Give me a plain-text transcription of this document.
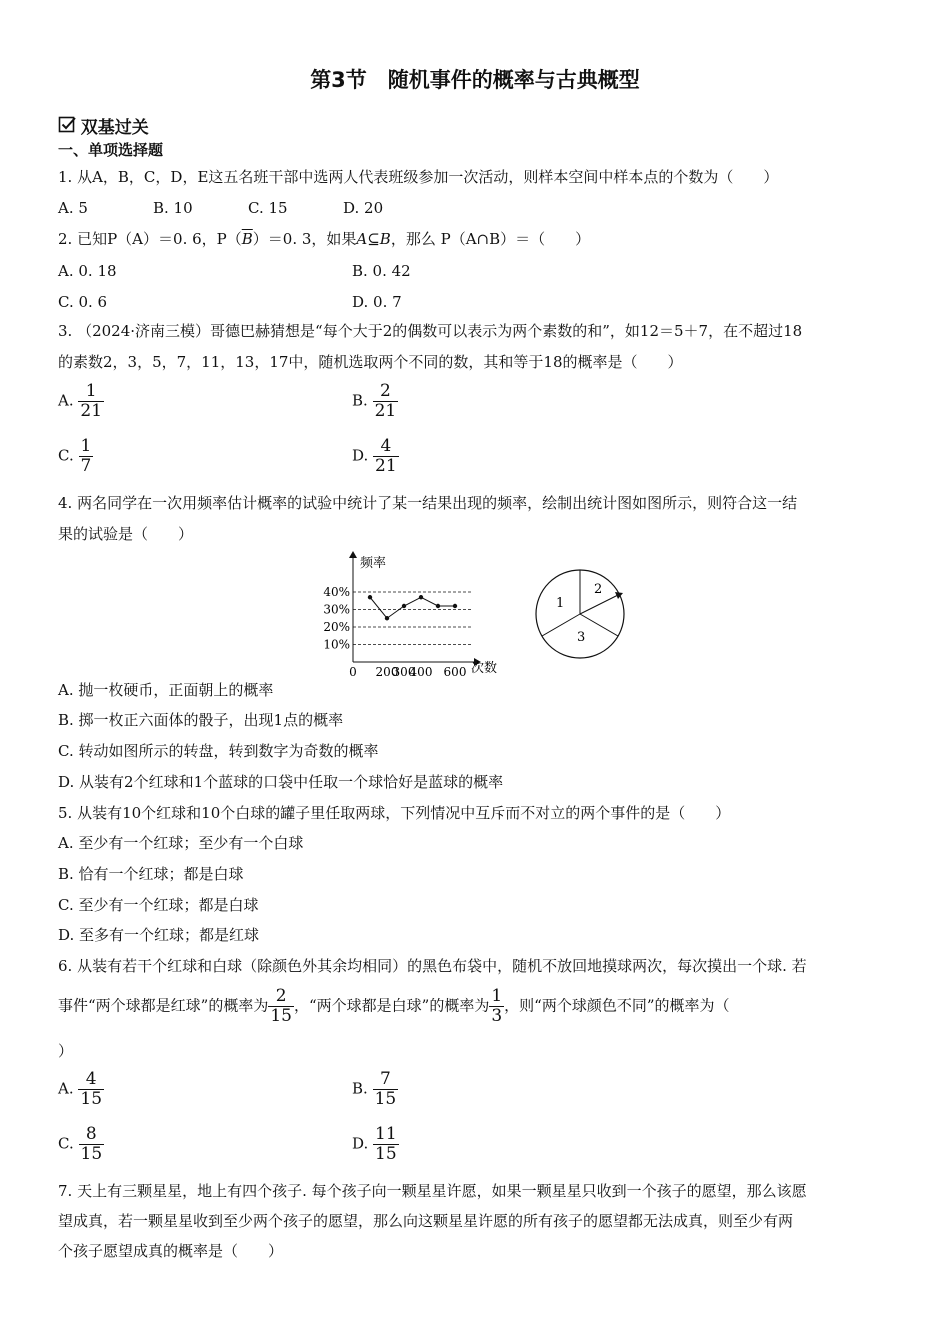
第3节　随机事件的概率与古典概型
双基过关
一、单项选择题
1. 从A，B，C，D，E这五名班干部中选两人代表班级参加一次活动，则样本空间中样本点的个数为（　　）
A. 5	B. 10	C. 15	D. 20
2. 已知P（A）＝0. 6，$P(\overline{B})=0$. 3，如果A⊆B，那么 P（A∩B）＝（　　）
A. 0. 18	B. 0. 42
C. 0. 6	D. 0. 7
3. （2024·济南三模）哥德巴赫猜想是“每个大于2的偶数可以表示为两个素数的和”，如12＝5＋7，在不超过18
的素数2，3，5，7，11，13，17中，随机选取两个不同的数，其和等于18的概率是（　　）
A. $\frac{1}{21}$	B. $\frac{2}{21}$
C. $\frac{1}{7}$	D. $\frac{4}{21}$
4. 两名同学在一次用频率估计概率的试验中统计了某一结果出现的频率，绘制出统计图如图所示，则符合这一结
果的试验是（　　）
频率
次数
10%
20%
30%
40%
0 200
300
400 600
1
2
3
A. 抛一枚硬币，正面朝上的概率
B. 掷一枚正六面体的骰子，出现1点的概率
C. 转动如图所示的转盘，转到数字为奇数的概率
D. 从装有2个红球和1个蓝球的口袋中任取一个球恰好是蓝球的概率
5. 从装有10个红球和10个白球的罐子里任取两球，下列情况中互斥而不对立的两个事件的是（　　）
A. 至少有一个红球；至少有一个白球
B. 恰有一个红球；都是白球
C. 至少有一个红球；都是白球
D. 至多有一个红球；都是红球
6. 从装有若干个红球和白球（除颜色外其余均相同）的黑色布袋中，随机不放回地摸球两次，每次摸出一个球. 若
事件“两个球都是红球”的概率为 $\frac{2}{15}$ ，“两个球都是白球”的概率为 $\frac{1}{3}$ ，则“两个球颜色不同”的概率为（
）
A. $\frac{4}{15}$	B. $\frac{7}{15}$
C. $\frac{8}{15}$	D. $\frac{11}{15}$
7. 天上有三颗星星，地上有四个孩子. 每个孩子向一颗星星许愿，如果一颗星星只收到一个孩子的愿望，那么该愿
望成真，若一颗星星收到至少两个孩子的愿望，那么向这颗星星许愿的所有孩子的愿望都无法成真，则至少有两
个孩子愿望成真的概率是（　　）
